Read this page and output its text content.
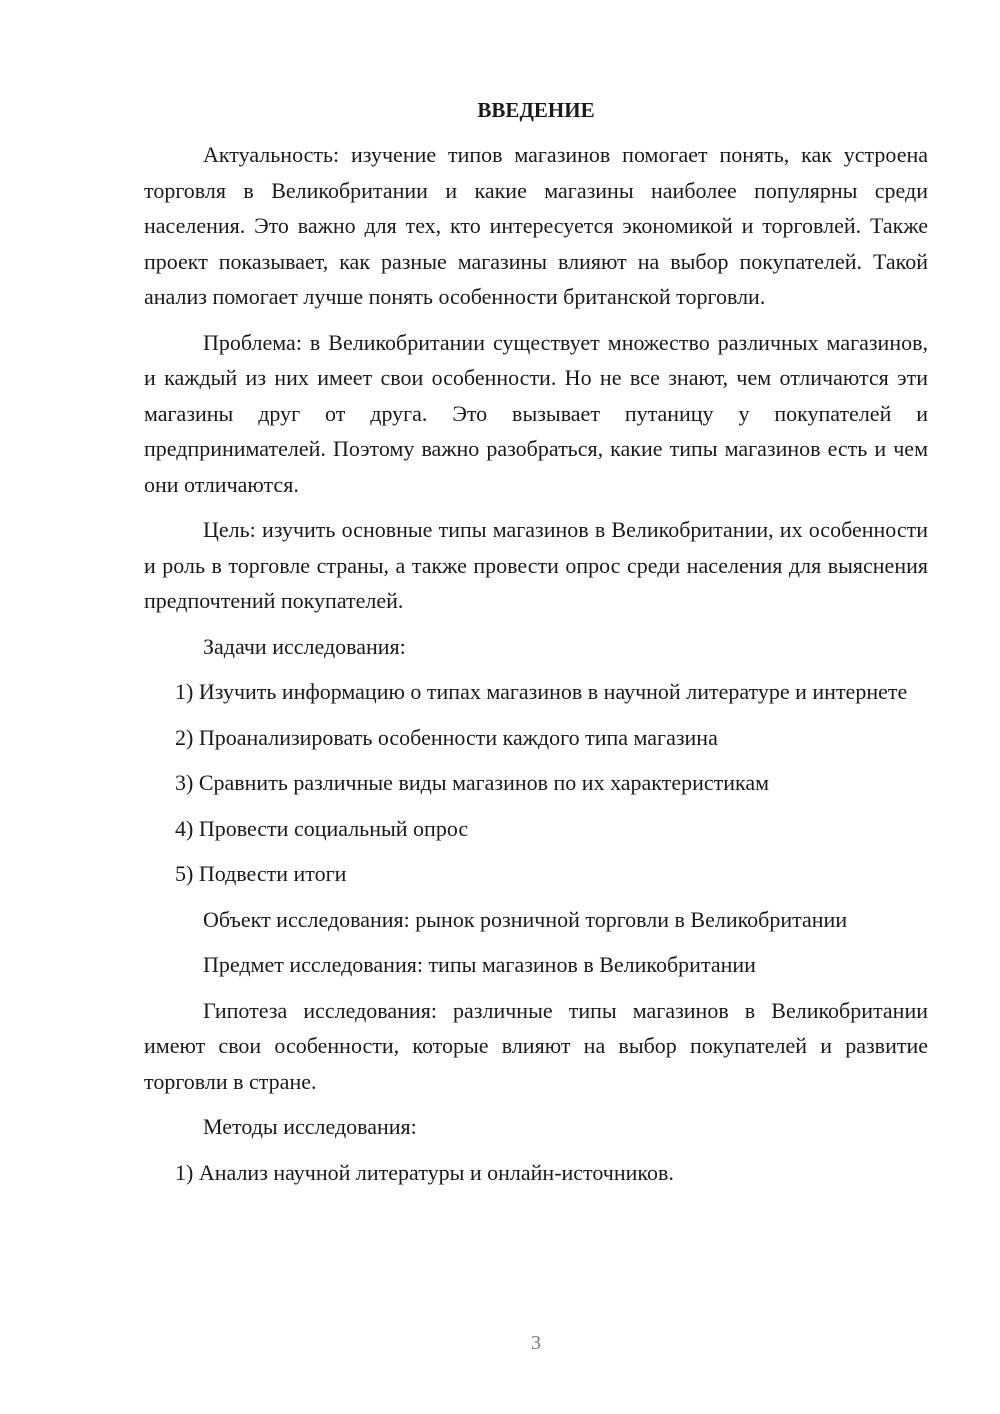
ВВЕДЕНИЕ

Актуальность: изучение типов магазинов помогает понять, как устроена торговля в Великобритании и какие магазины наиболее популярны среди населения. Это важно для тех, кто интересуется экономикой и торговлей. Также проект показывает, как разные магазины влияют на выбор покупателей. Такой анализ помогает лучше понять особенности британской торговли.

Проблема: в Великобритании существует множество различных магазинов, и каждый из них имеет свои особенности. Но не все знают, чем отличаются эти магазины друг от друга. Это вызывает путаницу у покупателей и предпринимателей. Поэтому важно разобраться, какие типы магазинов есть и чем они отличаются.

Цель: изучить основные типы магазинов в Великобритании, их особенности и роль в торговле страны, а также провести опрос среди населения для выяснения предпочтений покупателей.

Задачи исследования:

1) Изучить информацию о типах магазинов в научной литературе и интернете

2) Проанализировать особенности каждого типа магазина

3) Сравнить различные виды магазинов по их характеристикам

4) Провести социальный опрос

5) Подвести итоги

Объект исследования: рынок розничной торговли в Великобритании

Предмет исследования: типы магазинов в Великобритании

Гипотеза исследования: различные типы магазинов в Великобритании имеют свои особенности, которые влияют на выбор покупателей и развитие торговли в стране.

Методы исследования:

1) Анализ научной литературы и онлайн-источников.

3
